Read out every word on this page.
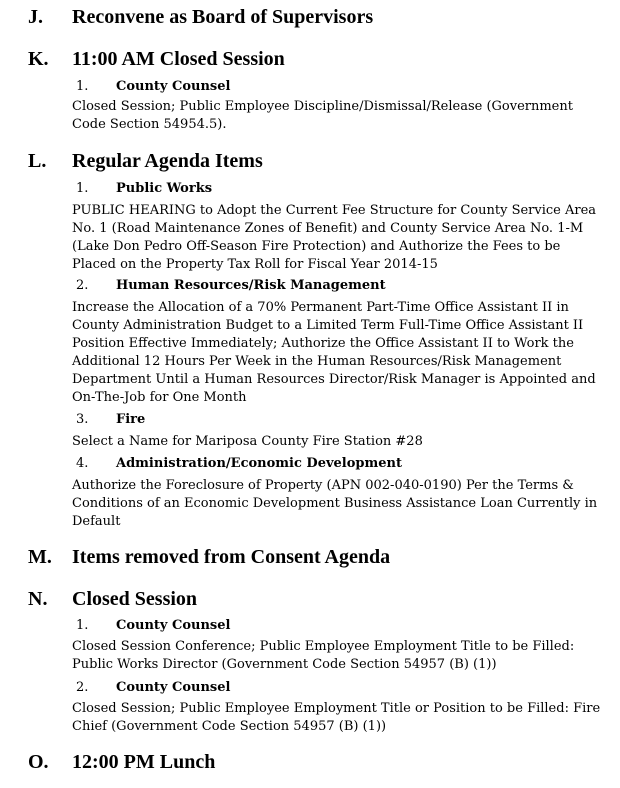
J. Reconvene as Board of Supervisors
K. 11:00 AM Closed Session
1. County Counsel
Closed Session; Public Employee Discipline/Dismissal/Release (Government
Code Section 54954.5).
L. Regular Agenda Items
1. Public Works
PUBLIC HEARING to Adopt the Current Fee Structure for County Service Area
No. 1 (Road Maintenance Zones of Benefit) and County Service Area No. 1-M
(Lake Don Pedro Off-Season Fire Protection) and Authorize the Fees to be
Placed on the Property Tax Roll for Fiscal Year 2014-15
2. Human Resources/Risk Management
Increase the Allocation of a 70% Permanent Part-Time Office Assistant II in
County Administration Budget to a Limited Term Full-Time Office Assistant II
Position Effective Immediately; Authorize the Office Assistant II to Work the
Additional 12 Hours Per Week in the Human Resources/Risk Management
Department Until a Human Resources Director/Risk Manager is Appointed and
On-The-Job for One Month
3. Fire
Select a Name for Mariposa County Fire Station #28
4. Administration/Economic Development
Authorize the Foreclosure of Property (APN 002-040-0190) Per the Terms &
Conditions of an Economic Development Business Assistance Loan Currently in
Default
M. Items removed from Consent Agenda
N. Closed Session
1. County Counsel
Closed Session Conference; Public Employee Employment Title to be Filled:
Public Works Director (Government Code Section 54957 (B) (1))
2. County Counsel
Closed Session; Public Employee Employment Title or Position to be Filled: Fire
Chief (Government Code Section 54957 (B) (1))
O. 12:00 PM Lunch
